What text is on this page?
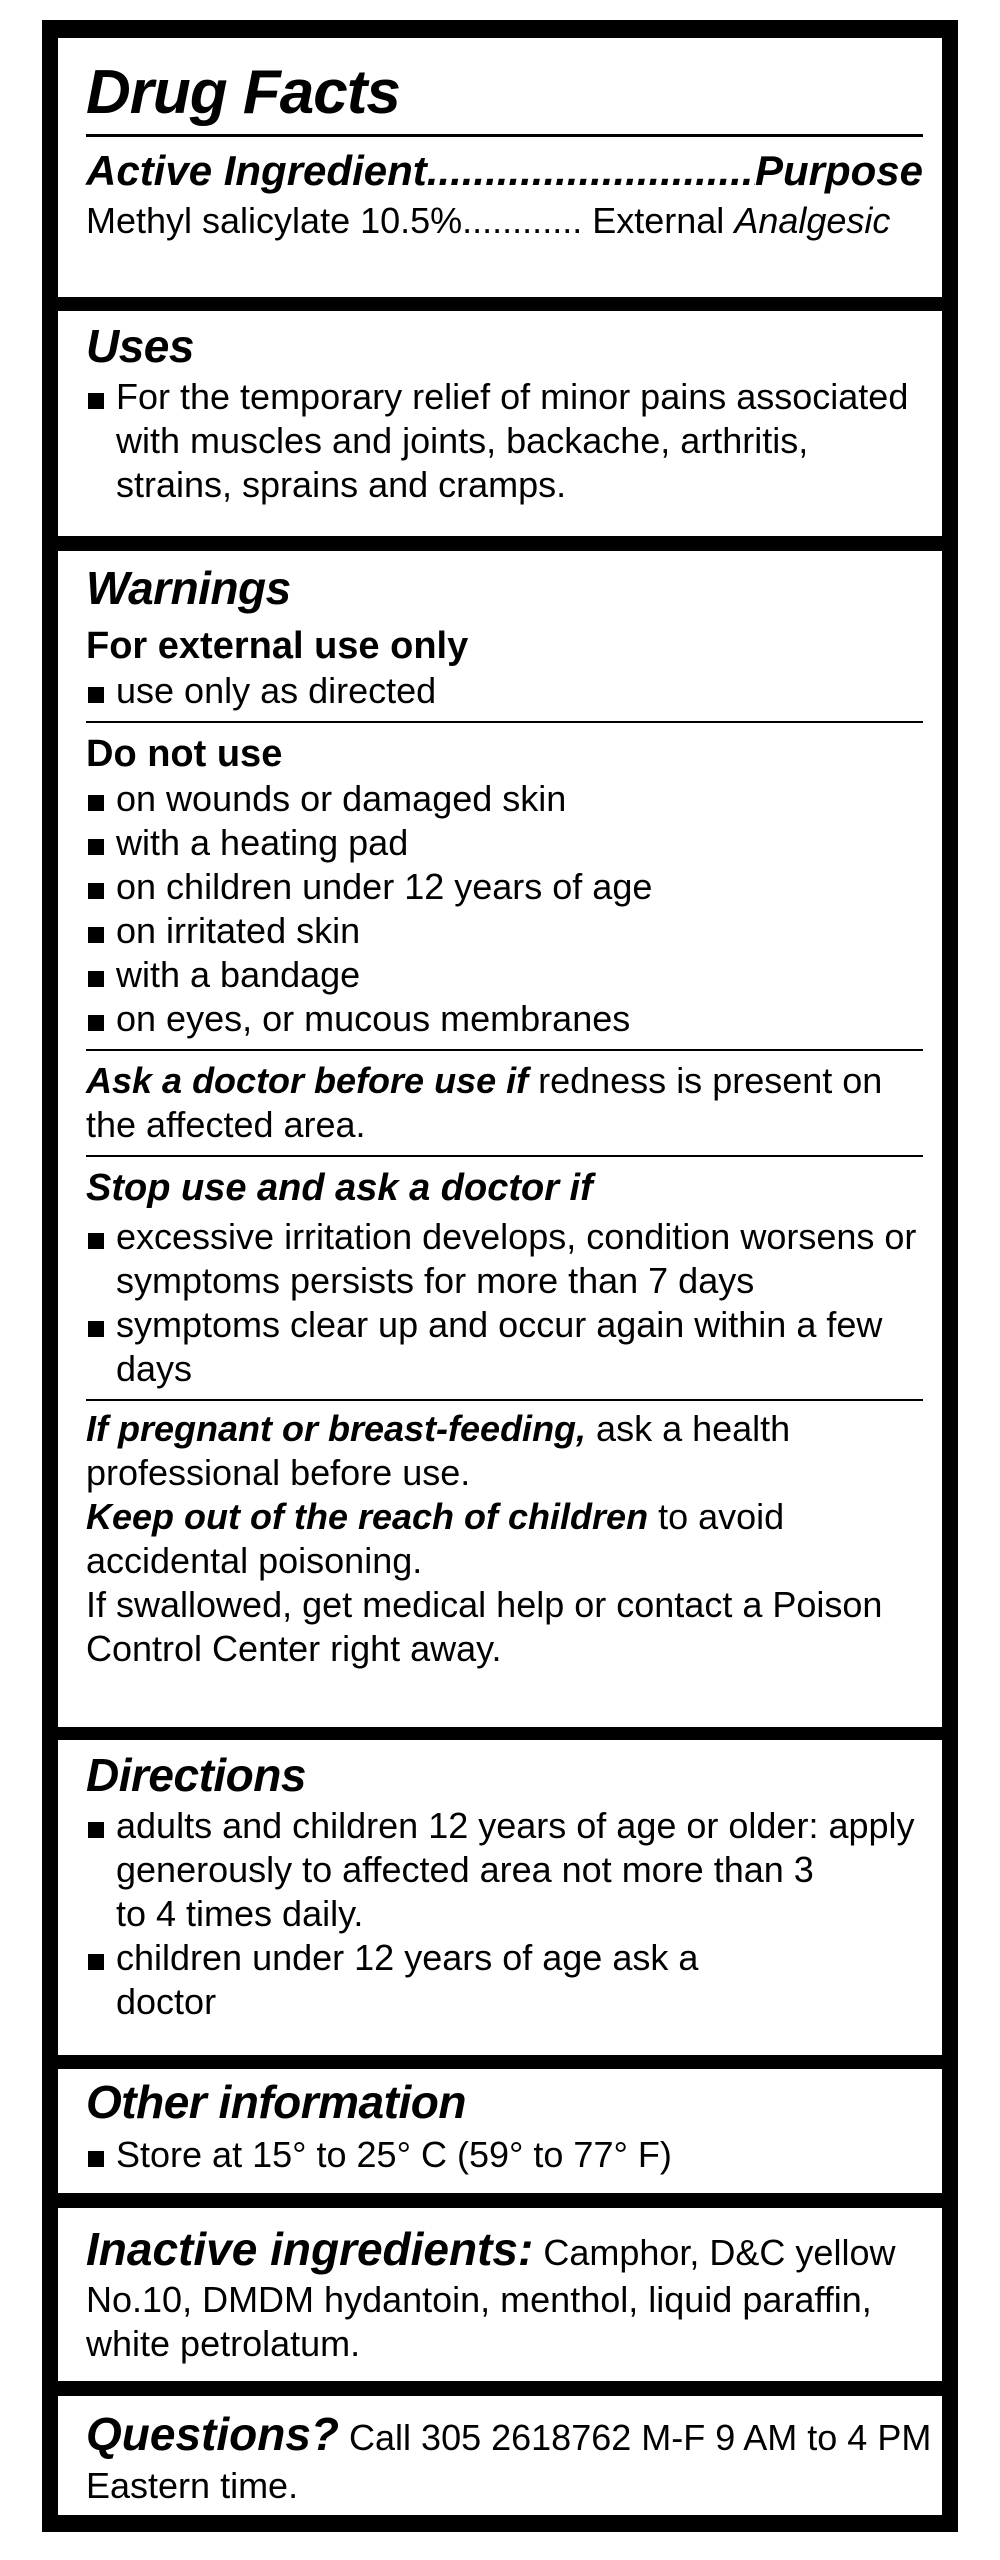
Drug Facts
Active Ingredient
.....	Purpose
Methyl salicylate 10.5%............ External Analgesic
Uses
For the temporary relief of minor pains associated
with muscles and joints, backache, arthritis,
strains, sprains and cramps.
Warnings
For external use only
use only as directed
Do not use
on wounds or damaged skin
with a heating pad
on children under 12 years of age
on irritated skin
with a bandage
on eyes, or mucous membranes
Ask a doctor before use if redness is present on
the affected area.
Stop use and ask a doctor if
excessive irritation develops, condition worsens or
symptoms persists for more than 7 days
symptoms clear up and occur again within a few
days
If pregnant or breast-feeding, ask a health
professional before use.
Keep out of the reach of children to avoid
accidental poisoning.
If swallowed, get medical help or contact a Poison
Control Center right away.
Directions
adults and children 12 years of age or older: apply
generously to affected area not more than 3
to 4 times daily.
children under 12 years of age ask a
doctor
Other information
Store at 15° to 25° C (59° to 77° F)
Inactive ingredients: Camphor, D&C yellow
No.10, DMDM hydantoin, menthol, liquid paraffin,
white petrolatum.
Questions? Call 305 2618762 M-F 9 AM to 4 PM
Eastern time.
